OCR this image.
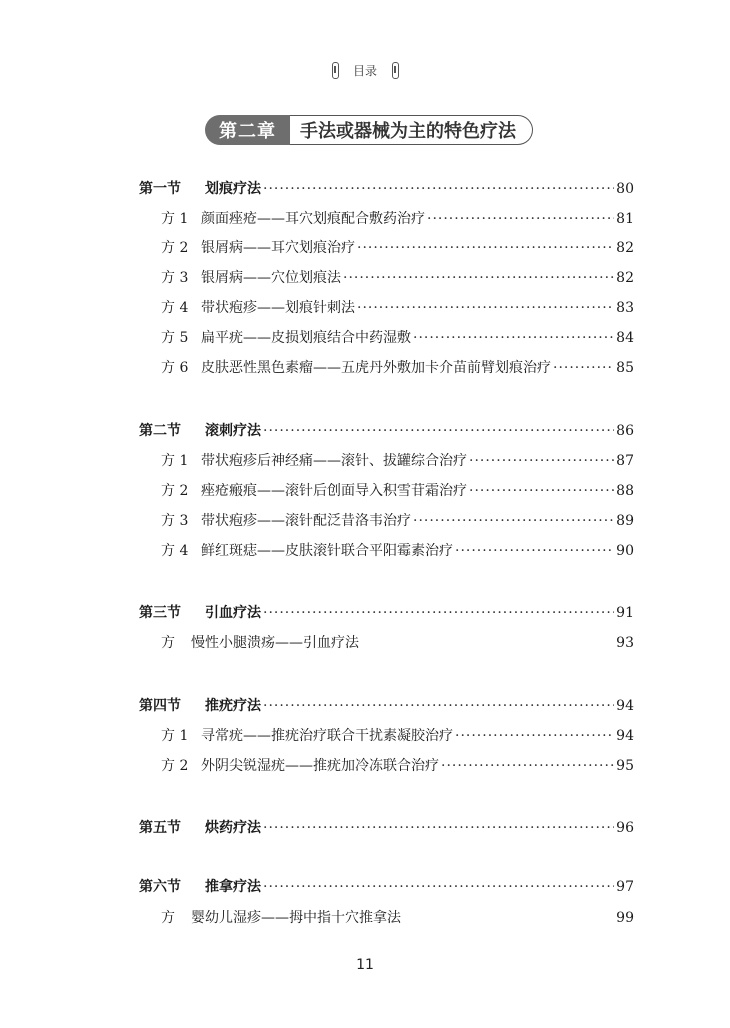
目录
第二章	手法或器械为主的特色疗法
第一节	划痕疗法 ·····	80
方 1 颜面痤疮——耳穴划痕配合敷药治疗 ·····	81
方 2 银屑病——耳穴划痕治疗 ·····	82
方 3 银屑病——穴位划痕法 ·····	82
方 4 带状疱疹——划痕针刺法 ·····	83
方 5 扁平疣——皮损划痕结合中药湿敷 ·····	84
方 6 皮肤恶性黑色素瘤——五虎丹外敷加卡介苗前臂划痕治疗 ·····	85
第二节	滚刺疗法 ·····	86
方 1 带状疱疹后神经痛——滚针、拔罐综合治疗 ·····	87
方 2 痤疮瘢痕——滚针后创面导入积雪苷霜治疗 ·····	88
方 3 带状疱疹——滚针配泛昔洛韦治疗 ·····	89
方 4 鲜红斑痣——皮肤滚针联合平阳霉素治疗 ·····	90
第三节	引血疗法 ·····	91
方	慢性小腿溃疡——引血疗法	93
第四节	推疣疗法 ·····	94
方 1 寻常疣——推疣治疗联合干扰素凝胶治疗 ·····	94
方 2 外阴尖锐湿疣——推疣加冷冻联合治疗 ·····	95
第五节	烘药疗法 ·····	96
第六节	推拿疗法 ·····	97
方	婴幼儿湿疹——拇中指十穴推拿法	99
11
